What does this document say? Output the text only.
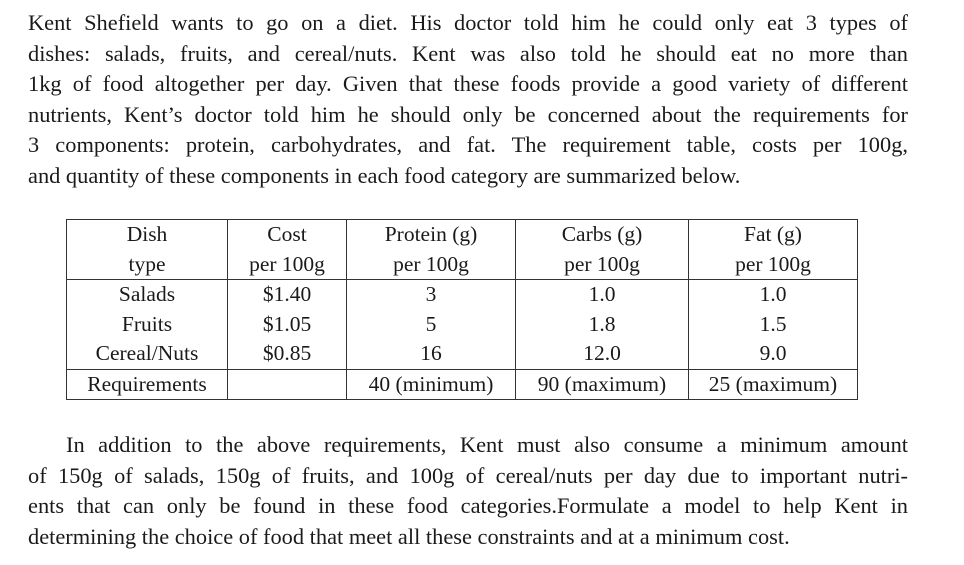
Kent Shefield wants to go on a diet. His doctor told him he could only eat 3 types of
dishes: salads, fruits, and cereal/nuts. Kent was also told he should eat no more than
1kg of food altogether per day. Given that these foods provide a good variety of different
nutrients, Kent’s doctor told him he should only be concerned about the requirements for
3 components: protein, carbohydrates, and fat. The requirement table, costs per 100g,
and quantity of these components in each food category are summarized below.

Dish	Cost	Protein (g)	Carbs (g)	Fat (g)
type	per 100g	per 100g	per 100g	per 100g
Salads	$1.40	3	1.0	1.0
Fruits	$1.05	5	1.8	1.5
Cereal/Nuts	$0.85	16	12.0	9.0
Requirements		40 (minimum)	90 (maximum)	25 (maximum)

In addition to the above requirements, Kent must also consume a minimum amount
of 150g of salads, 150g of fruits, and 100g of cereal/nuts per day due to important nutri-
ents that can only be found in these food categories.Formulate a model to help Kent in
determining the choice of food that meet all these constraints and at a minimum cost.
